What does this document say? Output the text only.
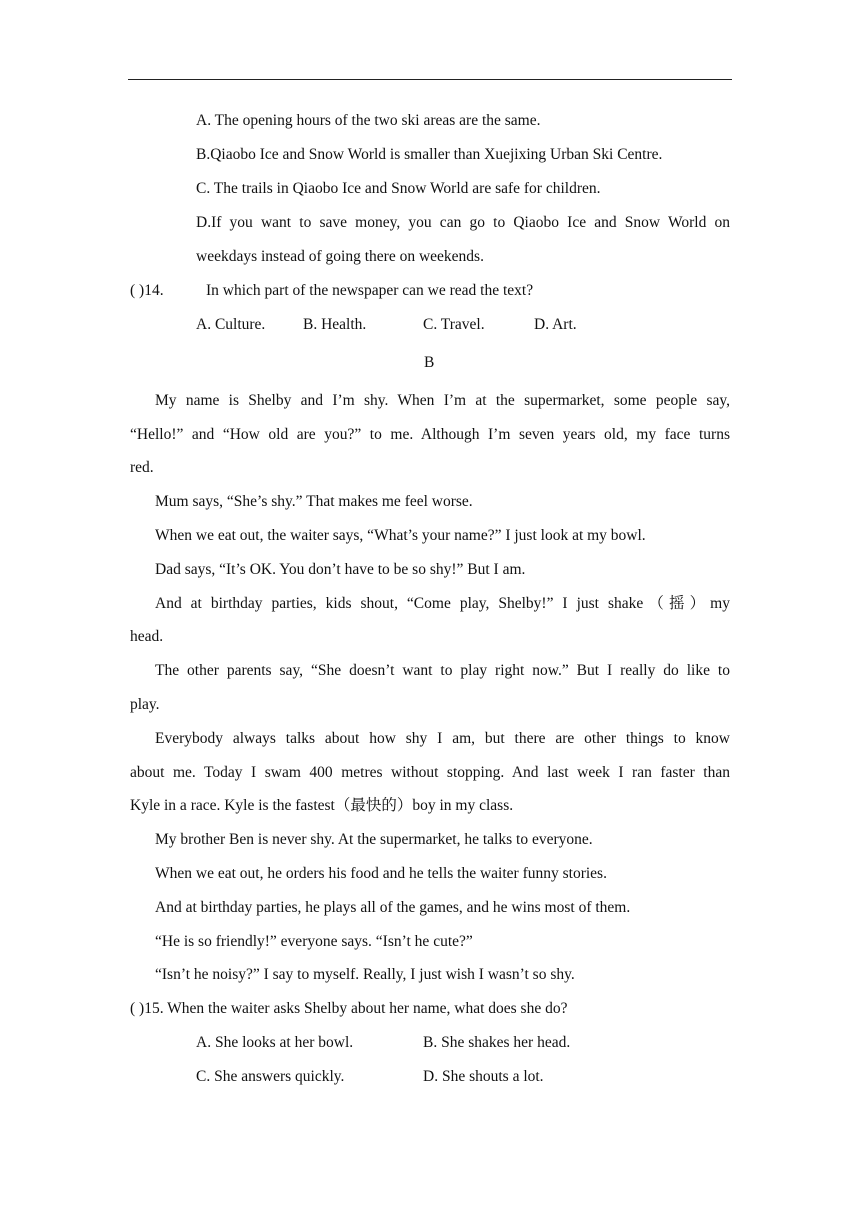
A. The opening hours of the two ski areas are the same.
B.Qiaobo Ice and Snow World is smaller than Xuejixing Urban Ski Centre.
C. The trails in Qiaobo Ice and Snow World are safe for children.
D.If you want to save money, you can go to Qiaobo Ice and Snow World on
weekdays instead of going there on weekends.
( )14.	In which part of the newspaper can we read the text?
A. Culture. B. Health.	C. Travel.	D. Art.
B
My name is Shelby and I’m shy. When I’m at the supermarket, some people say,
“Hello!” and “How old are you?” to me. Although I’m seven years old, my face turns
red.
Mum says, “She’s shy.” That makes me feel worse.
When we eat out, the waiter says, “What’s your name?” I just look at my bowl.
Dad says, “It’s OK. You don’t have to be so shy!” But I am.
And at birthday parties, kids shout, “Come play, Shelby!” I just shake（摇）my
head.
The other parents say, “She doesn’t want to play right now.” But I really do like to
play.
Everybody always talks about how shy I am, but there are other things to know
about me. Today I swam 400 metres without stopping. And last week I ran faster than
Kyle in a race. Kyle is the fastest（最快的）boy in my class.
My brother Ben is never shy. At the supermarket, he talks to everyone.
When we eat out, he orders his food and he tells the waiter funny stories.
And at birthday parties, he plays all of the games, and he wins most of them.
“He is so friendly!” everyone says. “Isn’t he cute?”
“Isn’t he noisy?” I say to myself. Really, I just wish I wasn’t so shy.
( )15. When the waiter asks Shelby about her name, what does she do?
A. She looks at her bowl.	B. She shakes her head.
C. She answers quickly.	D. She shouts a lot.
